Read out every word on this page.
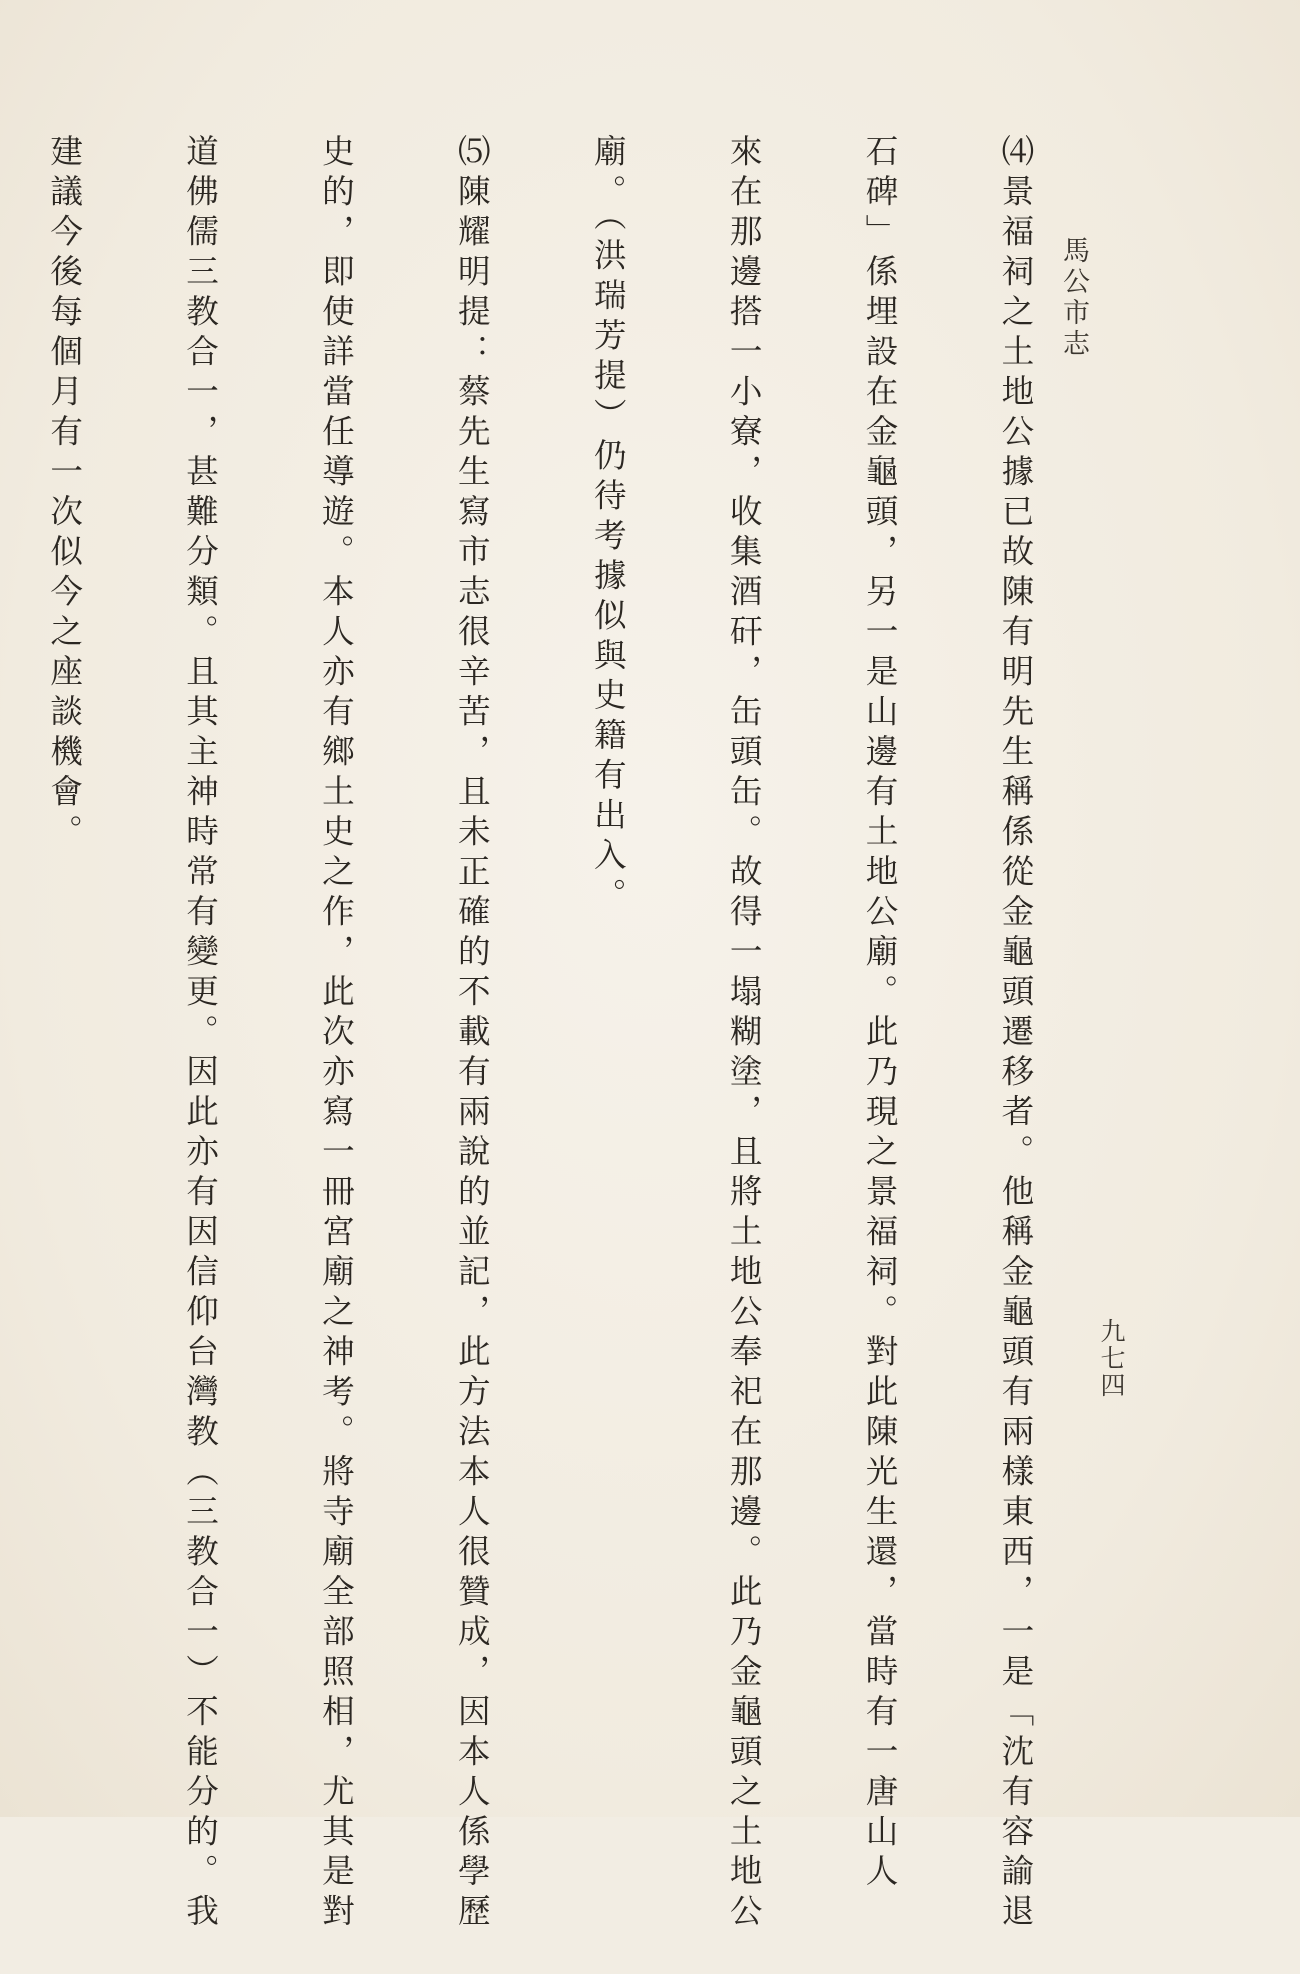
馬公市志
九七四

⑷景福祠之土地公據已故陳有明先生稱係從金龜頭遷移者。他稱金龜頭有兩樣東西，一是「沈有容諭退

石碑」係埋設在金龜頭，另一是山邊有土地公廟。此乃現之景福祠。對此陳光生還，當時有一唐山人

來在那邊搭一小寮，收集酒矸，缶頭缶。故得一塌糊塗，且將土地公奉祀在那邊。此乃金龜頭之土地公

廟。（洪瑞芳提）仍待考據似與史籍有出入。

⑸陳耀明提：蔡先生寫市志很辛苦，且未正確的不載有兩說的並記，此方法本人很贊成，因本人係學歷

史的，即使詳當任導遊。本人亦有鄉土史之作，此次亦寫一冊宮廟之神考。將寺廟全部照相，尤其是對

道佛儒三教合一，甚難分類。且其主神時常有變更。因此亦有因信仰台灣教（三教合一）不能分的。我

建議今後每個月有一次似今之座談機會。
